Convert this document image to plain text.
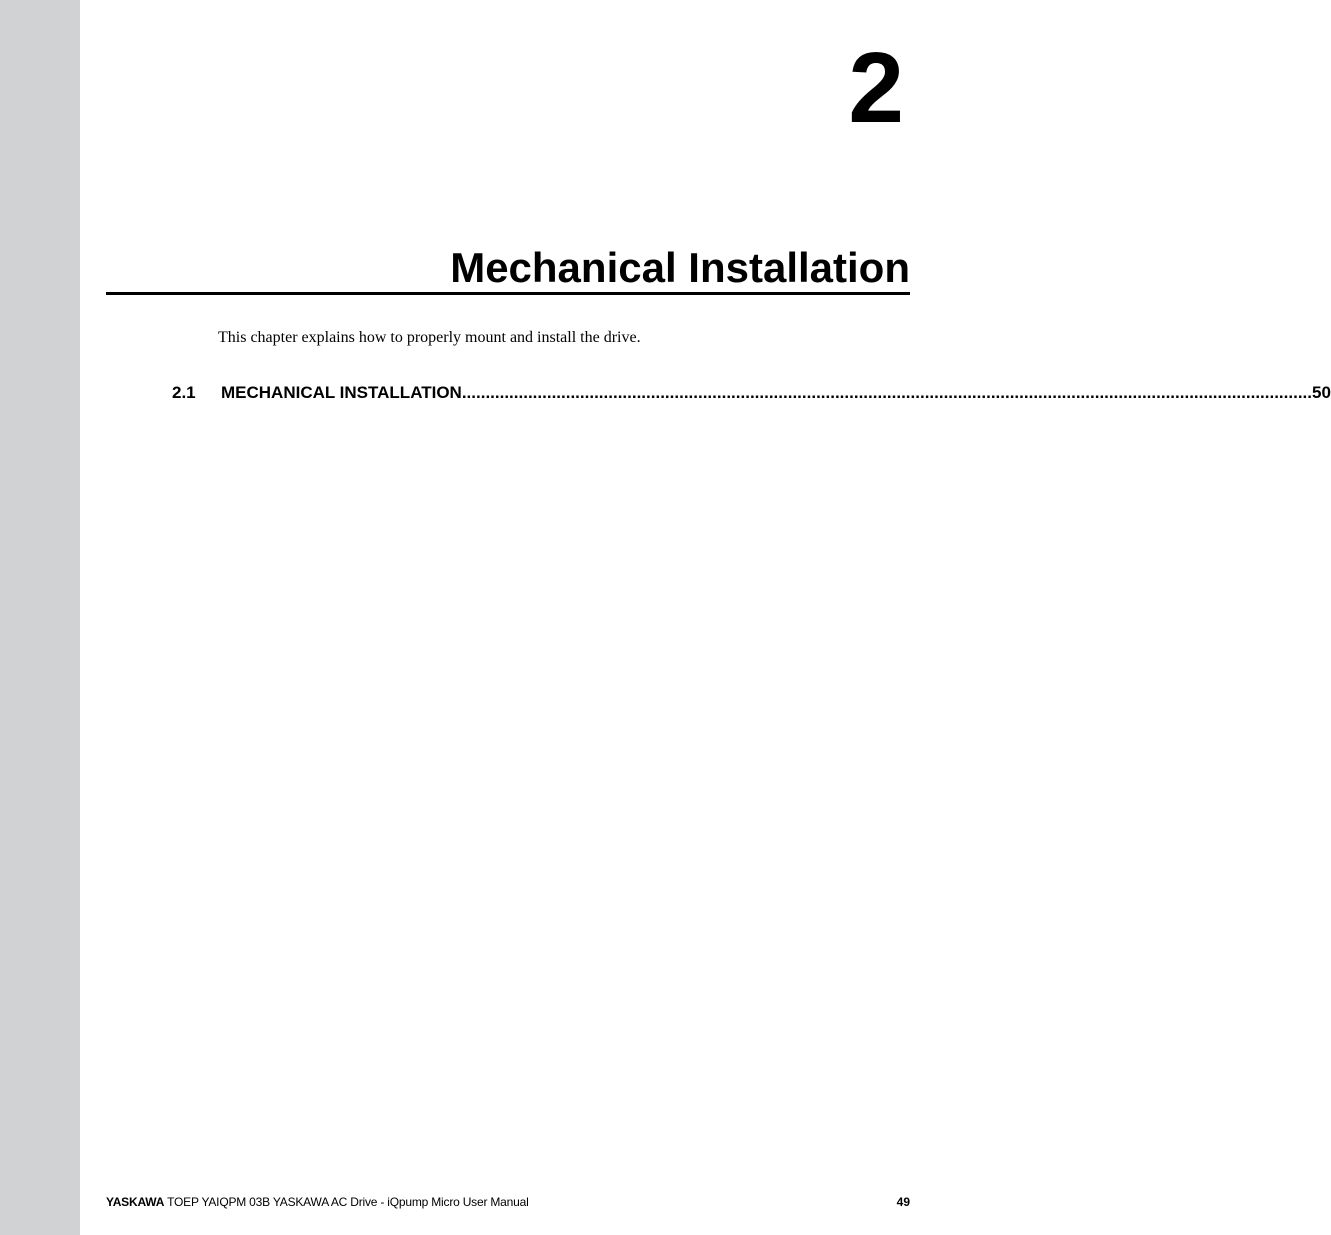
2
Mechanical Installation
This chapter explains how to properly mount and install the drive.
2.1	MECHANICAL INSTALLATION .................................................................................................................................................................................... 50
YASKAWA TOEP YAIQPM 03B YASKAWA AC Drive - iQpump Micro User Manual	49
